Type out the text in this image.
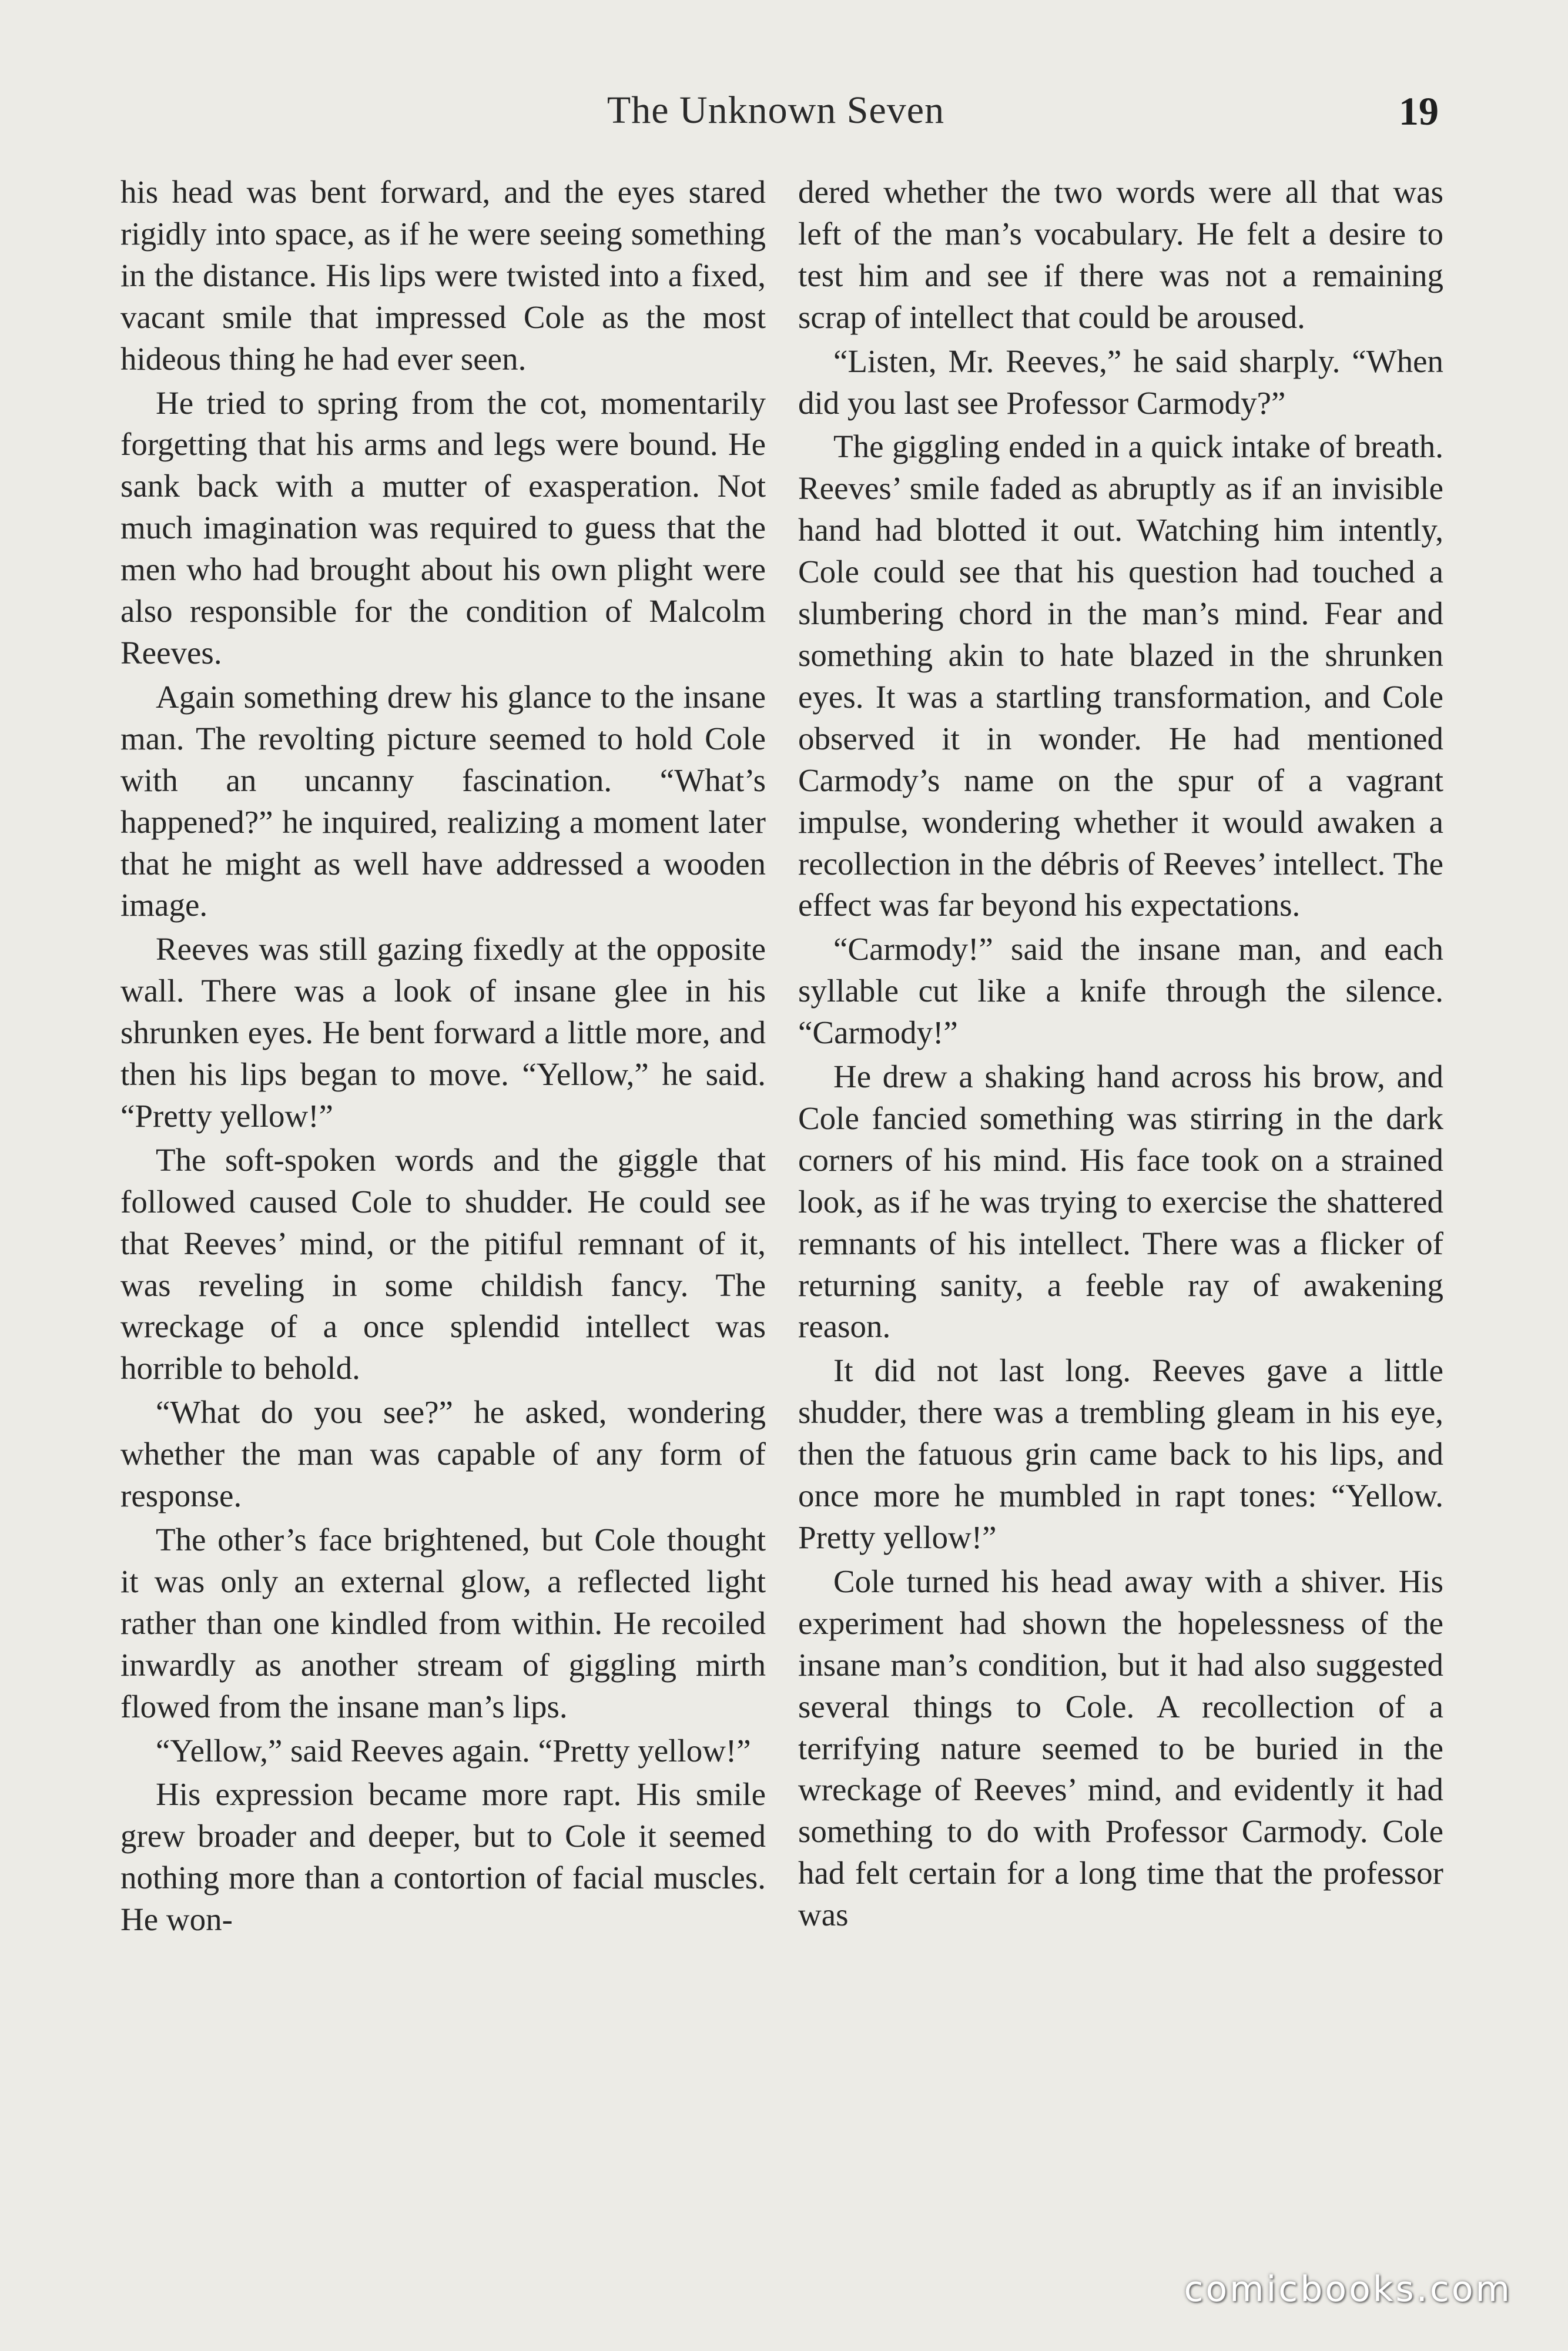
The Unknown Seven	19

his head was bent forward, and the eyes stared rigidly into space, as if he were seeing something in the distance. His lips were twisted into a fixed, vacant smile that impressed Cole as the most hideous thing he had ever seen.

He tried to spring from the cot, momentarily forgetting that his arms and legs were bound. He sank back with a mutter of exasperation. Not much imagination was required to guess that the men who had brought about his own plight were also responsible for the condition of Malcolm Reeves.

Again something drew his glance to the insane man. The revolting picture seemed to hold Cole with an uncanny fascination. “What’s happened?” he inquired, realizing a moment later that he might as well have addressed a wooden image.

Reeves was still gazing fixedly at the opposite wall. There was a look of insane glee in his shrunken eyes. He bent forward a little more, and then his lips began to move. “Yellow,” he said. “Pretty yellow!”

The soft-spoken words and the giggle that followed caused Cole to shudder. He could see that Reeves’ mind, or the pitiful remnant of it, was reveling in some childish fancy. The wreckage of a once splendid intellect was horrible to behold.

“What do you see?” he asked, wondering whether the man was capable of any form of response.

The other’s face brightened, but Cole thought it was only an external glow, a reflected light rather than one kindled from within. He recoiled inwardly as another stream of giggling mirth flowed from the insane man’s lips.

“Yellow,” said Reeves again. “Pretty yellow!”

His expression became more rapt. His smile grew broader and deeper, but to Cole it seemed nothing more than a contortion of facial muscles. He won-

dered whether the two words were all that was left of the man’s vocabulary. He felt a desire to test him and see if there was not a remaining scrap of intellect that could be aroused.

“Listen, Mr. Reeves,” he said sharply. “When did you last see Professor Carmody?”

The giggling ended in a quick intake of breath. Reeves’ smile faded as abruptly as if an invisible hand had blotted it out. Watching him intently, Cole could see that his question had touched a slumbering chord in the man’s mind. Fear and something akin to hate blazed in the shrunken eyes. It was a startling transformation, and Cole observed it in wonder. He had mentioned Carmody’s name on the spur of a vagrant impulse, wondering whether it would awaken a recollection in the débris of Reeves’ intellect. The effect was far beyond his expectations.

“Carmody!” said the insane man, and each syllable cut like a knife through the silence. “Carmody!”

He drew a shaking hand across his brow, and Cole fancied something was stirring in the dark corners of his mind. His face took on a strained look, as if he was trying to exercise the shattered remnants of his intellect. There was a flicker of returning sanity, a feeble ray of awakening reason.

It did not last long. Reeves gave a little shudder, there was a trembling gleam in his eye, then the fatuous grin came back to his lips, and once more he mumbled in rapt tones: “Yellow. Pretty yellow!”

Cole turned his head away with a shiver. His experiment had shown the hopelessness of the insane man’s condition, but it had also suggested several things to Cole. A recollection of a terrifying nature seemed to be buried in the wreckage of Reeves’ mind, and evidently it had something to do with Professor Carmody. Cole had felt certain for a long time that the professor was

comicbooks.com
